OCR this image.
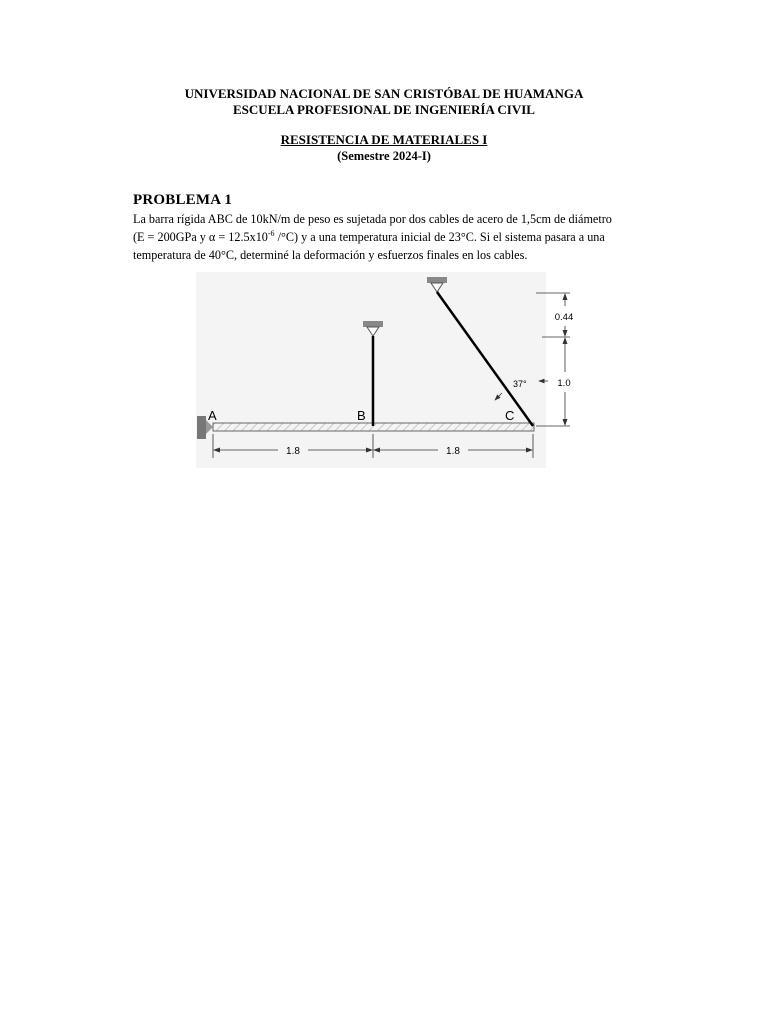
UNIVERSIDAD NACIONAL DE SAN CRISTÓBAL DE HUAMANGA
ESCUELA PROFESIONAL DE INGENIERÍA CIVIL
RESISTENCIA DE MATERIALES I
(Semestre 2024-I)
PROBLEMA 1
La barra rígida ABC de 10kN/m de peso es sujetada por dos cables de acero de 1,5cm de diámetro
(E = 200GPa y $\alpha = 12.5x10^{-6}$ /°C) y a una temperatura inicial de 23°C. Si el sistema pasara a una
temperatura de 40°C, determiné la deformación y esfuerzos finales en los cables.
A	B	C
37°
1.8	1.8
0.44
1.0
